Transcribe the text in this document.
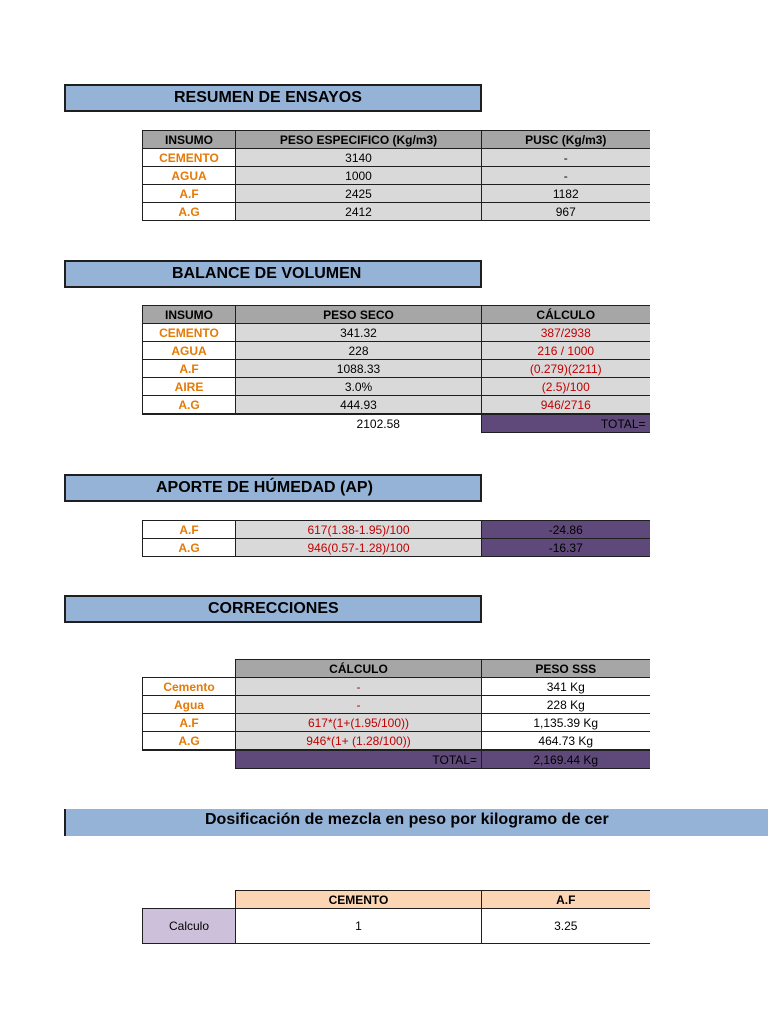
RESUMEN DE ENSAYOS
INSUMO	PESO ESPECIFICO (Kg/m3)	PUSC (Kg/m3)
CEMENTO	3140	-
AGUA	1000	-
A.F	2425	1182
A.G	2412	967
BALANCE DE VOLUMEN
INSUMO	PESO SECO	CÁLCULO
CEMENTO	341.32	387/2938
AGUA	228	216 / 1000
A.F	1088.33	(0.279)(2211)
AIRE	3.0%	(2.5)/100
A.G	444.93	946/2716
	2102.58	TOTAL=
APORTE DE HÚMEDAD (AP)
A.F	617(1.38-1.95)/100	-24.86
A.G	946(0.57-1.28)/100	-16.37
CORRECCIONES
	CÁLCULO	PESO SSS
Cemento	-	341 Kg
Agua	-	228 Kg
A.F	617*(1+(1.95/100))	1,135.39 Kg
A.G	946*(1+ (1.28/100))	464.73 Kg
	TOTAL=	2,169.44 Kg
Dosificación de mezcla en peso por kilogramo de cer
	CEMENTO	A.F
Calculo	1	3.25
